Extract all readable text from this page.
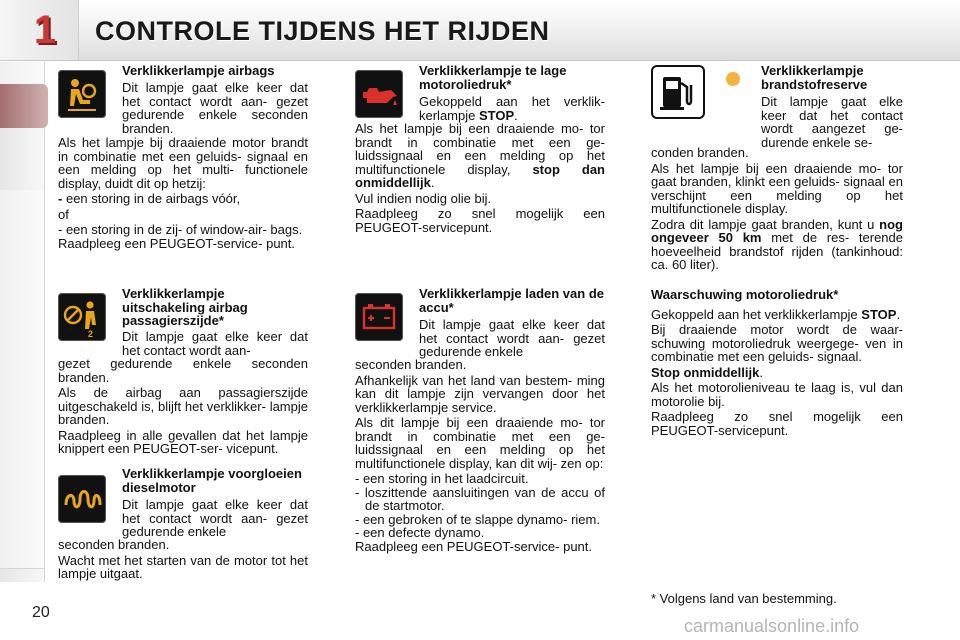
1	CONTROLE TIJDENS HET RIJDEN
Verklikkerlampje airbags
Dit lampje gaat elke keer dat het contact wordt aan- gezet gedurende enkele seconden branden.

Als het lampje bij draaiende motor brandt in combinatie met een geluids- signaal en een melding op het multi- functionele display, duidt dit op hetzij:

- een storing in de airbags vóór,

of

- een storing in de zij- of window-air- bags.

Raadpleeg een PEUGEOT-service- punt.

2
Verklikkerlampje uitschakeling airbag passagierszijde*
Dit lampje gaat elke keer dat het contact wordt aan-

gezet gedurende enkele seconden branden.

Als de airbag aan passagierszijde uitgeschakeld is, blijft het verklikker- lampje branden.

Raadpleeg in alle gevallen dat het lampje knippert een PEUGEOT-ser- vicepunt.

Verklikkerlampje voorgloeien dieselmotor
Dit lampje gaat elke keer dat het contact wordt aan- gezet gedurende enkele

seconden branden.

Wacht met het starten van de motor tot het lampje uitgaat.

Verklikkerlampje te lage motoroliedruk*
Gekoppeld aan het verklik- kerlampje STOP.

Als het lampje bij een draaiende mo- tor brandt in combinatie met een ge- luidssignaal en een melding op het multifunctionele display, stop dan onmiddellijk.

Vul indien nodig olie bij.

Raadpleeg zo snel mogelijk een PEUGEOT-servicepunt.

Verklikkerlampje laden van de accu*
Dit lampje gaat elke keer dat het contact wordt aan- gezet gedurende enkele

seconden branden.

Afhankelijk van het land van bestem- ming kan dit lampje zijn vervangen door het verklikkerlampje service.

Als dit lampje bij een draaiende mo- tor brandt in combinatie met een ge- luidssignaal en een melding op het multifunctionele display, kan dit wij- zen op:

- een storing in het laadcircuit.

- loszittende aansluitingen van de accu of de startmotor.

- een gebroken of te slappe dynamo- riem.

- een defecte dynamo.

Raadpleeg een PEUGEOT-service- punt.

Verklikkerlampje brandstofreserve
Dit lampje gaat elke keer dat het contact wordt aangezet ge- durende enkele se-

conden branden.

Als het lampje bij een draaiende mo- tor gaat branden, klinkt een geluids- signaal en verschijnt een melding op het multifunctionele display.

Zodra dit lampje gaat branden, kunt u nog ongeveer 50 km met de res- terende hoeveelheid brandstof rijden (tankinhoud: ca. 60 liter).

Waarschuwing motoroliedruk*

Gekoppeld aan het verklikkerlampje STOP.

Bij draaiende motor wordt de waar- schuwing motoroliedruk weergege- ven in combinatie met een geluids- signaal.

Stop onmiddellijk.

Als het motorolieniveau te laag is, vul dan motorolie bij.

Raadpleeg zo snel mogelijk een PEUGEOT-servicepunt.

* Volgens land van bestemming.
20
carmanualsonline.info
